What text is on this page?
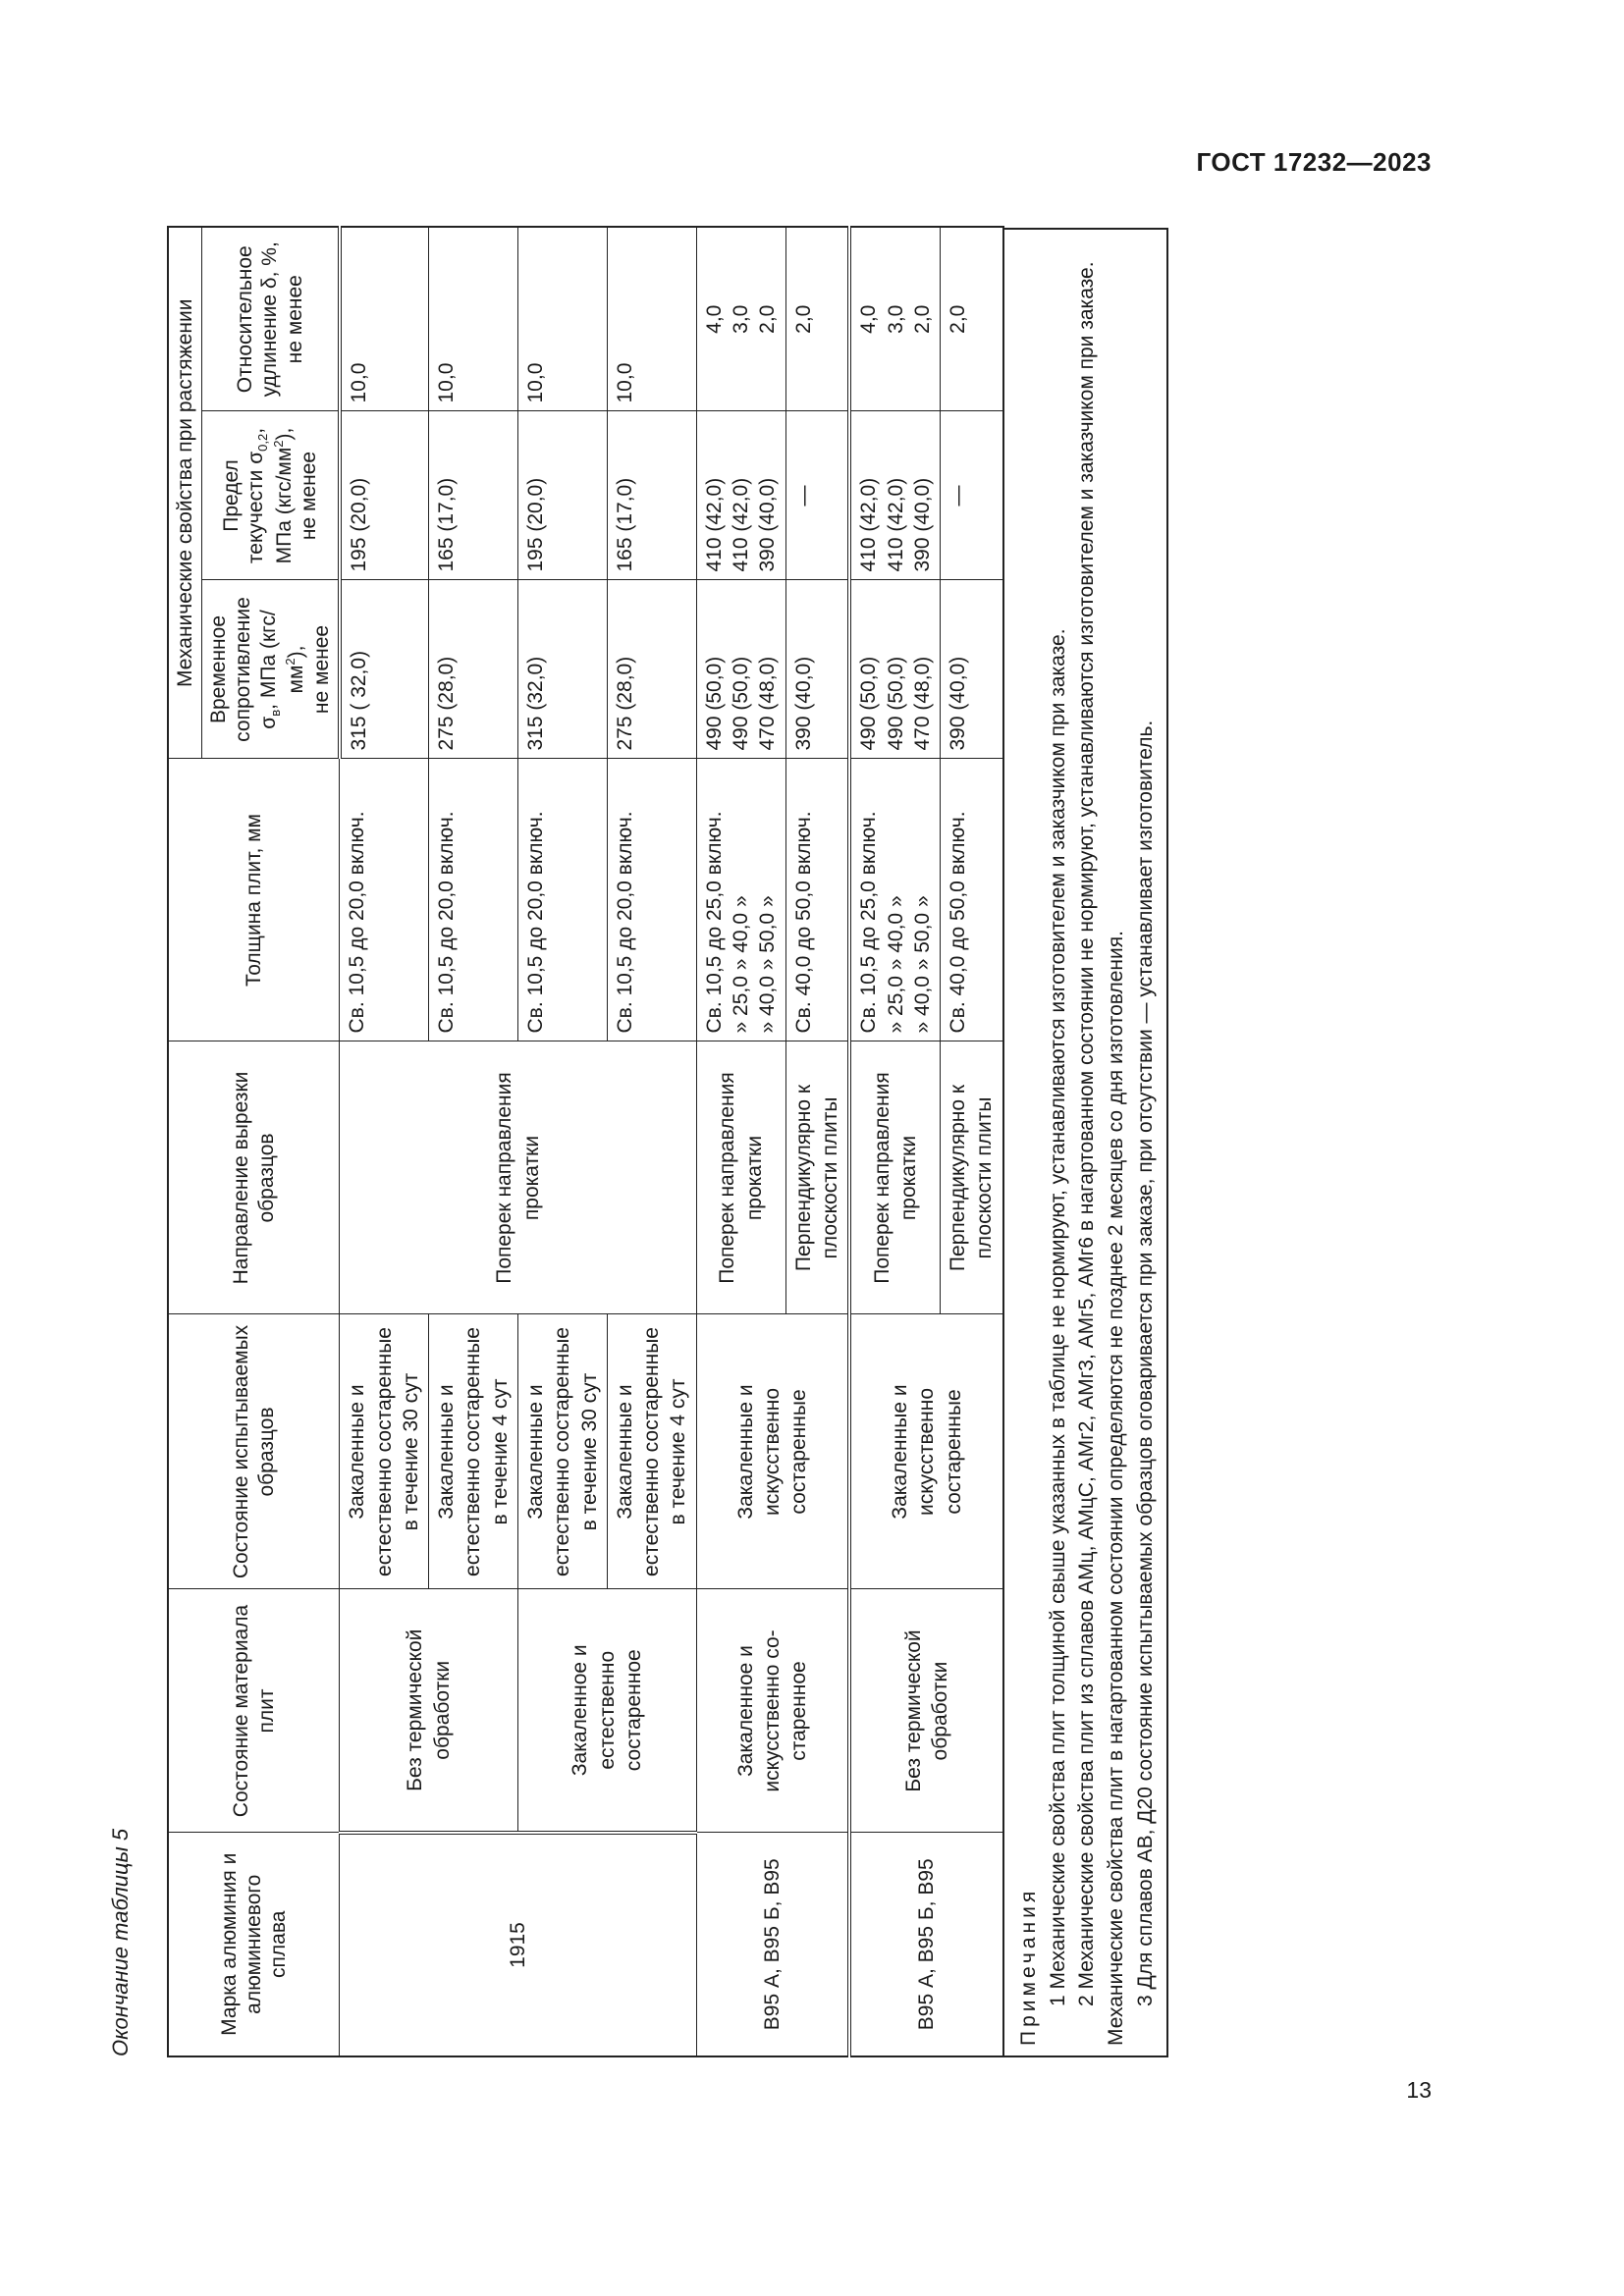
ГОСТ 17232—2023
Окончание таблицы 5
13
Марка алюминия и алюминиевого сплава	Состояние материала плит	Состояние испытываемых образцов	Направление вырезки образцов	Толщина плит, мм	Механические свойства при растяжении		
					Временное сопротивление $\sigma_в$, МПа $(кгс/мм^2)$, не менее	Предел текучести $\sigma_{0,2}$, МПа $(кгс/мм^2)$, не менее	Относительное удлинение δ, %, не менее
1915	Без термической обработки	Закаленные и естественно состаренные в течение 30 сут	Поперек направления прокатки	Св. 10,5 до 20,0 включ.	315 ( 32,0)	195 (20,0)	10,0
		Закаленные и естественно состаренные в течение 4 сут		Св. 10,5 до 20,0 включ.	275 (28,0)	165 (17,0)	10,0
	Закаленное и естественно состаренное	Закаленные и естественно состаренные в течение 30 сут		Св. 10,5 до 20,0 включ.	315 (32,0)	195 (20,0)	10,0
		Закаленные и естественно состаренные в течение 4 сут		Св. 10,5 до 20,0 включ.	275 (28,0)	165 (17,0)	10,0
В95 А, В95 Б, В95	Закаленное и искусственно со-старенное	Закаленные и искусственно состаренные	Поперек направления прокатки	Св. 10,5 до 25,0 включ. » 25,0 » 40,0 » » 40,0 » 50,0 »	490 (50,0) 490 (50,0) 470 (48,0)	410 (42,0) 410 (42,0) 390 (40,0)	4,0 3,0 2,0

			Перпендикулярно к плоскости плиты	Св. 40,0 до 50,0 включ.	390 (40,0)	—	2,0
В95 А, В95 Б, В95	Без термической обработки	Закаленные и искусственно состаренные	Поперек направления прокатки	Св. 10,5 до 25,0 включ. » 25,0 » 40,0 » » 40,0 » 50,0 »	490 (50,0) 490 (50,0) 470 (48,0)	410 (42,0) 410 (42,0) 390 (40,0)	4,0 3,0 2,0

			Перпендикулярно к плоскости плиты	Св. 40,0 до 50,0 включ.	390 (40,0)	—	2,0

Примечания 1 Механические свойства плит толщиной свыше указанных в таблице не нормируют, устанавливаются изготовителем и заказчиком при заказе. 2 Механические свойства плит из сплавов АМц, АМцС, АМг2, АМг3, АМг5, АМг6 в нагартованном состоянии не нормируют, устанавливаются изготовителем и заказчиком при заказе. Механические свойства плит в нагартованном состоянии определяются не позднее 2 месяцев со дня изготовления. 3 Для сплавов АВ, Д20 состояние испытываемых образцов оговаривается при заказе, при отсутствии — устанавливает изготовитель.
